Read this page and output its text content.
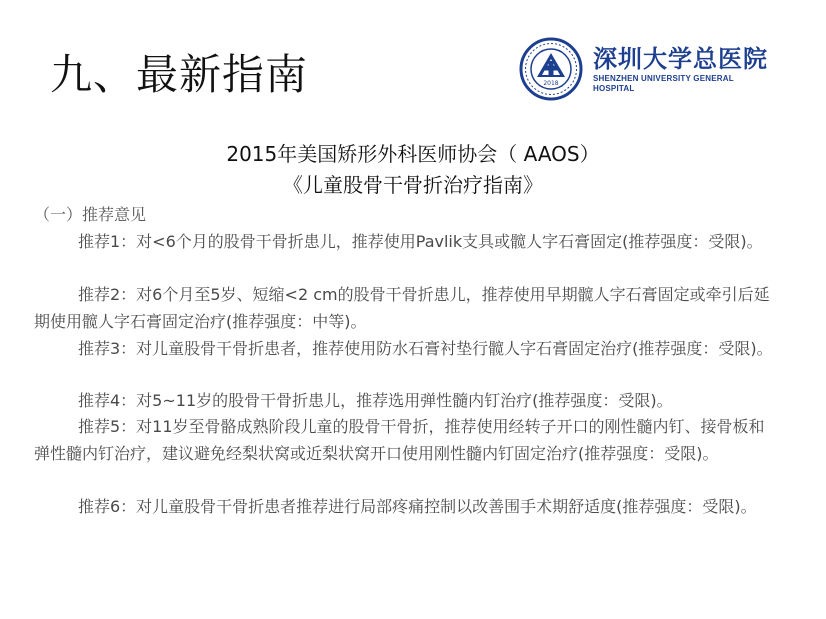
九、最新指南	2018
深圳大学总医院
SHENZHEN UNIVERSITY GENERAL HOSPITAL
2015年美国矫形外科医师协会（ AAOS）
《儿童股骨干骨折治疗指南》
（一）推荐意见
推荐1：对<6个月的股骨干骨折患儿，推荐使用Pavlik支具或髋人字石膏固定(推荐强度：受限)。
推荐2：对6个月至5岁、短缩<2 cm的股骨干骨折患儿，推荐使用早期髋人字石膏固定或牵引后延期使用髋人字石膏固定治疗(推荐强度：中等)。
推荐3：对儿童股骨干骨折患者，推荐使用防水石膏衬垫行髋人字石膏固定治疗(推荐强度：受限)。
推荐4：对5~11岁的股骨干骨折患儿，推荐选用弹性髓内钉治疗(推荐强度：受限)。
推荐5：对11岁至骨骼成熟阶段儿童的股骨干骨折，推荐使用经转子开口的刚性髓内钉、接骨板和弹性髓内钉治疗，建议避免经梨状窝或近梨状窝开口使用刚性髓内钉固定治疗(推荐强度：受限)。
推荐6：对儿童股骨干骨折患者推荐进行局部疼痛控制以改善围手术期舒适度(推荐强度：受限)。
